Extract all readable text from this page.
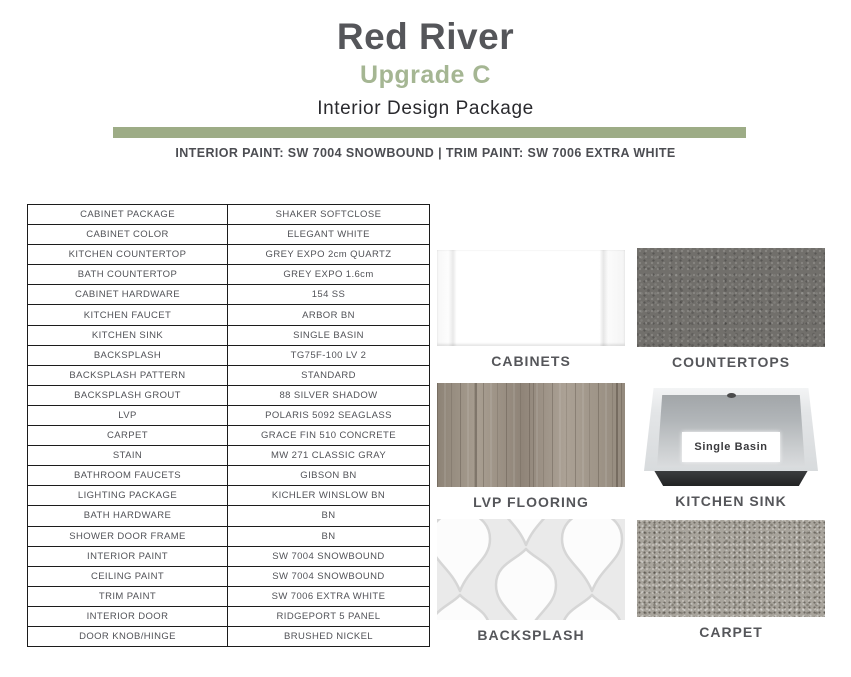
Red River
Upgrade C
Interior Design Package
INTERIOR PAINT: SW 7004 SNOWBOUND | TRIM PAINT: SW 7006 EXTRA WHITE
CABINET PACKAGE	SHAKER SOFTCLOSE
CABINET COLOR	ELEGANT WHITE
KITCHEN COUNTERTOP	GREY EXPO 2cm QUARTZ
BATH COUNTERTOP	GREY EXPO 1.6cm
CABINET HARDWARE	154 SS
KITCHEN FAUCET	ARBOR BN
KITCHEN SINK	SINGLE BASIN
BACKSPLASH	TG75F-100 LV 2
BACKSPLASH PATTERN	STANDARD
BACKSPLASH GROUT	88 SILVER SHADOW
LVP	POLARIS 5092 SEAGLASS
CARPET	GRACE FIN 510 CONCRETE
STAIN	MW 271 CLASSIC GRAY
BATHROOM FAUCETS	GIBSON BN
LIGHTING PACKAGE	KICHLER WINSLOW BN
BATH HARDWARE	BN
SHOWER DOOR FRAME	BN
INTERIOR PAINT	SW 7004 SNOWBOUND
CEILING PAINT	SW 7004 SNOWBOUND
TRIM PAINT	SW 7006 EXTRA WHITE
INTERIOR DOOR	RIDGEPORT 5 PANEL
DOOR KNOB/HINGE	BRUSHED NICKEL
CABINETS	COUNTERTOPS
LVP FLOORING
Single Basin
KITCHEN SINK
BACKSPLASH	CARPET
